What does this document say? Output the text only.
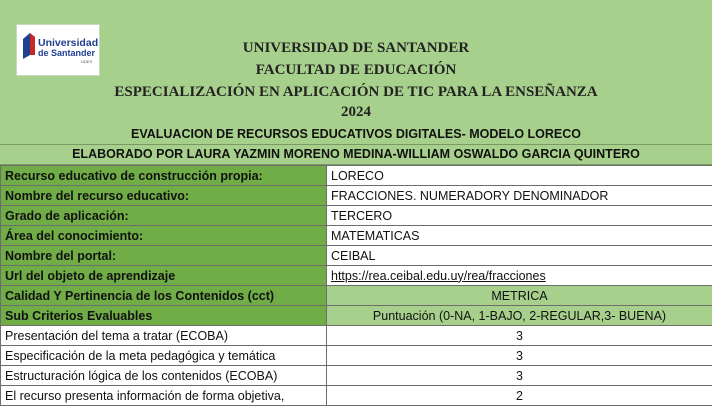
Universidad
de Santander
UDES
UNIVERSIDAD DE SANTANDER
FACULTAD DE EDUCACIÓN
ESPECIALIZACIÓN EN APLICACIÓN DE TIC PARA LA ENSEÑANZA
2024
EVALUACION DE RECURSOS EDUCATIVOS DIGITALES- MODELO LORECO
ELABORADO POR LAURA YAZMIN MORENO MEDINA-WILLIAM OSWALDO GARCIA QUINTERO
Recurso educativo de construcción propia:	LORECO
Nombre del recurso educativo:	FRACCIONES. NUMERADORY DENOMINADOR
Grado de aplicación:	TERCERO
Área del conocimiento:	MATEMATICAS
Nombre del portal:	CEIBAL
Url del objeto de aprendizaje	https://rea.ceibal.edu.uy/rea/fracciones
Calidad Y Pertinencia de los Contenidos (cct)	METRICA
Sub Criterios Evaluables	Puntuación (0-NA, 1-BAJO, 2-REGULAR,3- BUENA)
Presentación del tema a tratar (ECOBA)	3
Especificación de la meta pedagógica y temática	3
Estructuración lógica de los contenidos (ECOBA)	3
El recurso presenta información de forma objetiva,	2
